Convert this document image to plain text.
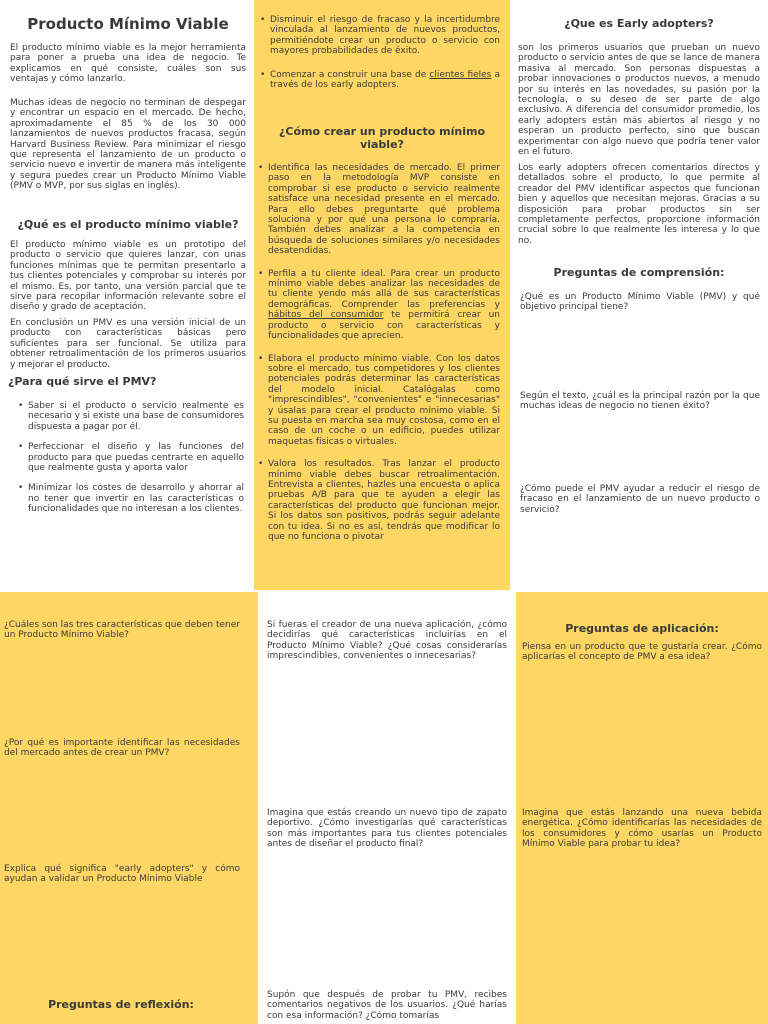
Producto Mínimo Viable

El producto mínimo viable es la mejor herramienta para poner a prueba una idea de negocio. Te explicamos en qué consiste, cuáles son sus ventajas y cómo lanzarlo.

Muchas ideas de negocio no terminan de despegar y encontrar un espacio en el mercado. De hecho, aproximadamente el 85 % de los 30 000 lanzamientos de nuevos productos fracasa, según Harvard Business Review. Para minimizar el riesgo que representa el lanzamiento de un producto o servicio nuevo e invertir de manera más inteligente y segura puedes crear un Producto Mínimo Viable (PMV o MVP, por sus siglas en inglés).

¿Qué es el producto mínimo viable?

El producto mínimo viable es un prototipo del producto o servicio que quieres lanzar, con unas funciones mínimas que te permitan presentarlo a tus clientes potenciales y comprobar su interés por el mismo. Es, por tanto, una versión parcial que te sirve para recopilar información relevante sobre el diseño y grado de aceptación.

En conclusión un PMV es una versión inicial de un producto con características básicas pero suficientes para ser funcional. Se utiliza para obtener retroalimentación de los primeros usuarios y mejorar el producto.

¿Para qué sirve el PMV?
• Saber si el producto o servicio realmente es necesario y si existe una base de consumidores dispuesta a pagar por él.
• Perfeccionar el diseño y las funciones del producto para que puedas centrarte en aquello que realmente gusta y aporta valor
• Minimizar los costes de desarrollo y ahorrar al no tener que invertir en las características o funcionalidades que no interesan a los clientes.
• Disminuir el riesgo de fracaso y la incertidumbre vinculada al lanzamiento de nuevos productos, permitiéndote crear un producto o servicio con mayores probabilidades de éxito.
• Comenzar a construir una base de clientes fieles a través de los early adopters.
¿Cómo crear un producto mínimo viable?
• Identifica las necesidades de mercado. El primer paso en la metodología MVP consiste en comprobar si ese producto o servicio realmente satisface una necesidad presente en el mercado. Para ello debes preguntarte qué problema soluciona y por qué una persona lo compraría. También debes analizar a la competencia en búsqueda de soluciones similares y/o necesidades desatendidas.
• Perfila a tu cliente ideal. Para crear un producto mínimo viable debes analizar las necesidades de tu cliente yendo más allá de sus características demográficas. Comprender las preferencias y hábitos del consumidor te permitirá crear un producto o servicio con características y funcionalidades que aprecien.
• Elabora el producto mínimo viable. Con los datos sobre el mercado, tus competidores y los clientes potenciales podrás determinar las características del modelo inicial. Catalógalas como "imprescindibles", "convenientes" e "innecesarias" y úsalas para crear el producto mínimo viable. Si su puesta en marcha sea muy costosa, como en el caso de un coche o un edificio, puedes utilizar maquetas físicas o virtuales.
• Valora los resultados. Tras lanzar el producto mínimo viable debes buscar retroalimentación. Entrevista a clientes, hazles una encuesta o aplica pruebas A/B para que te ayuden a elegir las características del producto que funcionan mejor. Si los datos son positivos, podrás seguir adelante con tu idea. Si no es así, tendrás que modificar lo que no funciona o pivotar
¿Que es Early adopters?

son los primeros usuarios que prueban un nuevo producto o servicio antes de que se lance de manera masiva al mercado. Son personas dispuestas a probar innovaciones o productos nuevos, a menudo por su interés en las novedades, su pasión por la tecnología, o su deseo de ser parte de algo exclusivo. A diferencia del consumidor promedio, los early adopters están más abiertos al riesgo y no esperan un producto perfecto, sino que buscan experimentar con algo nuevo que podría tener valor en el futuro.

Los early adopters ofrecen comentarios directos y detallados sobre el producto, lo que permite al creador del PMV identificar aspectos que funcionan bien y aquellos que necesitan mejoras. Gracias a su disposición para probar productos sin ser completamente perfectos, proporcione información crucial sobre lo que realmente les interesa y lo que no.

Preguntas de comprensión:

¿Qué es un Producto Mínimo Viable (PMV) y qué objetivo principal tiene?

Según el texto, ¿cuál es la principal razón por la que muchas ideas de negocio no tienen éxito?

¿Cómo puede el PMV ayudar a reducir el riesgo de fracaso en el lanzamiento de un nuevo producto o servicio?

¿Cuáles son las tres características que deben tener un Producto Mínimo Viable?

¿Por qué es importante identificar las necesidades del mercado antes de crear un PMV?

Explica qué significa "early adopters" y cómo ayudan a validar un Producto Mínimo Viable

Preguntas de reflexión:

Si fueras el creador de una nueva aplicación, ¿cómo decidirías qué características incluirías en el Producto Mínimo Viable? ¿Qué cosas considerarías imprescindibles, convenientes o innecesarias?

Imagina que estás creando un nuevo tipo de zapato deportivo. ¿Cómo investigarías qué características son más importantes para tus clientes potenciales antes de diseñar el producto final?

Supón que después de probar tu PMV, recibes comentarios negativos de los usuarios. ¿Qué harías con esa información? ¿Cómo tomarías

Preguntas de aplicación:

Piensa en un producto que te gustaría crear. ¿Cómo aplicarías el concepto de PMV a esa idea?

Imagina que estás lanzando una nueva bebida energética. ¿Cómo identificarías las necesidades de los consumidores y cómo usarías un Producto Mínimo Viable para probar tu idea?
